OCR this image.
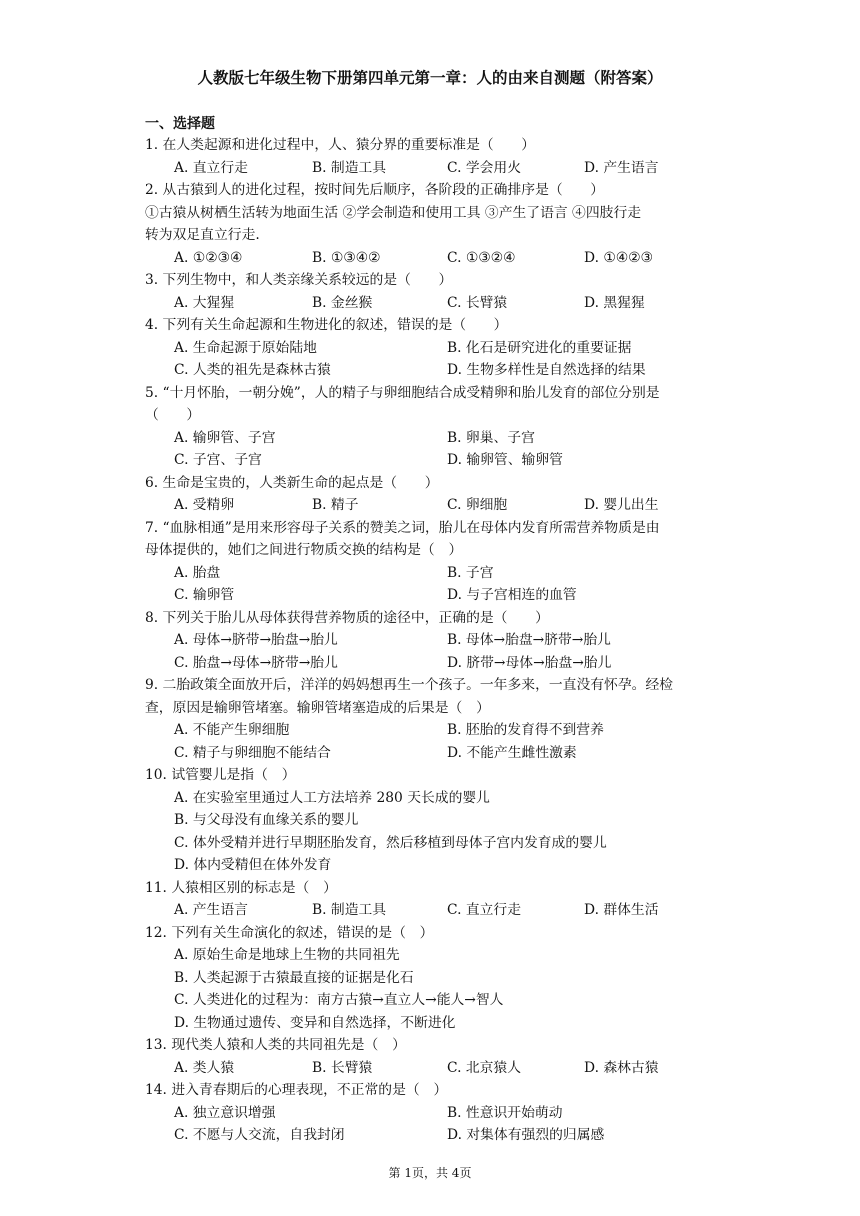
人教版七年级生物下册第四单元第一章：人的由来自测题（附答案）
一、选择题
1. 在人类起源和进化过程中，人、猿分界的重要标准是（　　）
A. 直立行走	B. 制造工具	C. 学会用火	D. 产生语言
2. 从古猿到人的进化过程，按时间先后顺序，各阶段的正确排序是（　　）
①古猿从树栖生活转为地面生活 ②学会制造和使用工具 ③产生了语言 ④四肢行走
转为双足直立行走.
A. ①②③④	B. ①③④②	C. ①③②④	D. ①④②③
3. 下列生物中，和人类亲缘关系较远的是（　　）
A. 大猩猩	B. 金丝猴	C. 长臂猿	D. 黑猩猩
4. 下列有关生命起源和生物进化的叙述，错误的是（　　）
A. 生命起源于原始陆地	B. 化石是研究进化的重要证据
C. 人类的祖先是森林古猿	D. 生物多样性是自然选择的结果
5. “十月怀胎，一朝分娩”，人的精子与卵细胞结合成受精卵和胎儿发育的部位分别是
（　　）
A. 输卵管、子宫	B. 卵巢、子宫
C. 子宫、子宫	D. 输卵管、输卵管
6. 生命是宝贵的，人类新生命的起点是（　　）
A. 受精卵	B. 精子	C. 卵细胞	D. 婴儿出生
7. “血脉相通”是用来形容母子关系的赞美之词，胎儿在母体内发育所需营养物质是由
母体提供的，她们之间进行物质交换的结构是（　）
A. 胎盘	B. 子宫
C. 输卵管	D. 与子宫相连的血管
8. 下列关于胎儿从母体获得营养物质的途径中，正确的是（　　）
A. 母体→脐带→胎盘→胎儿	B. 母体→胎盘→脐带→胎儿
C. 胎盘→母体→脐带→胎儿	D. 脐带→母体→胎盘→胎儿
9. 二胎政策全面放开后，洋洋的妈妈想再生一个孩子。一年多来，一直没有怀孕。经检
查，原因是输卵管堵塞。输卵管堵塞造成的后果是（　）
A. 不能产生卵细胞	B. 胚胎的发育得不到营养
C. 精子与卵细胞不能结合	D. 不能产生雌性激素
10. 试管婴儿是指（　）
A. 在实验室里通过人工方法培养 280 天长成的婴儿
B. 与父母没有血缘关系的婴儿
C. 体外受精并进行早期胚胎发育，然后移植到母体子宫内发育成的婴儿
D. 体内受精但在体外发育
11. 人猿相区别的标志是（　）
A. 产生语言	B. 制造工具	C. 直立行走	D. 群体生活
12. 下列有关生命演化的叙述，错误的是（　）
A. 原始生命是地球上生物的共同祖先
B. 人类起源于古猿最直接的证据是化石
C. 人类进化的过程为：南方古猿→直立人→能人→智人
D. 生物通过遗传、变异和自然选择，不断进化
13. 现代类人猿和人类的共同祖先是（　）
A. 类人猿	B. 长臂猿	C. 北京猿人	D. 森林古猿
14. 进入青春期后的心理表现，不正常的是（　）
A. 独立意识增强	B. 性意识开始萌动
C. 不愿与人交流，自我封闭	D. 对集体有强烈的归属感
第 1页，共 4页
